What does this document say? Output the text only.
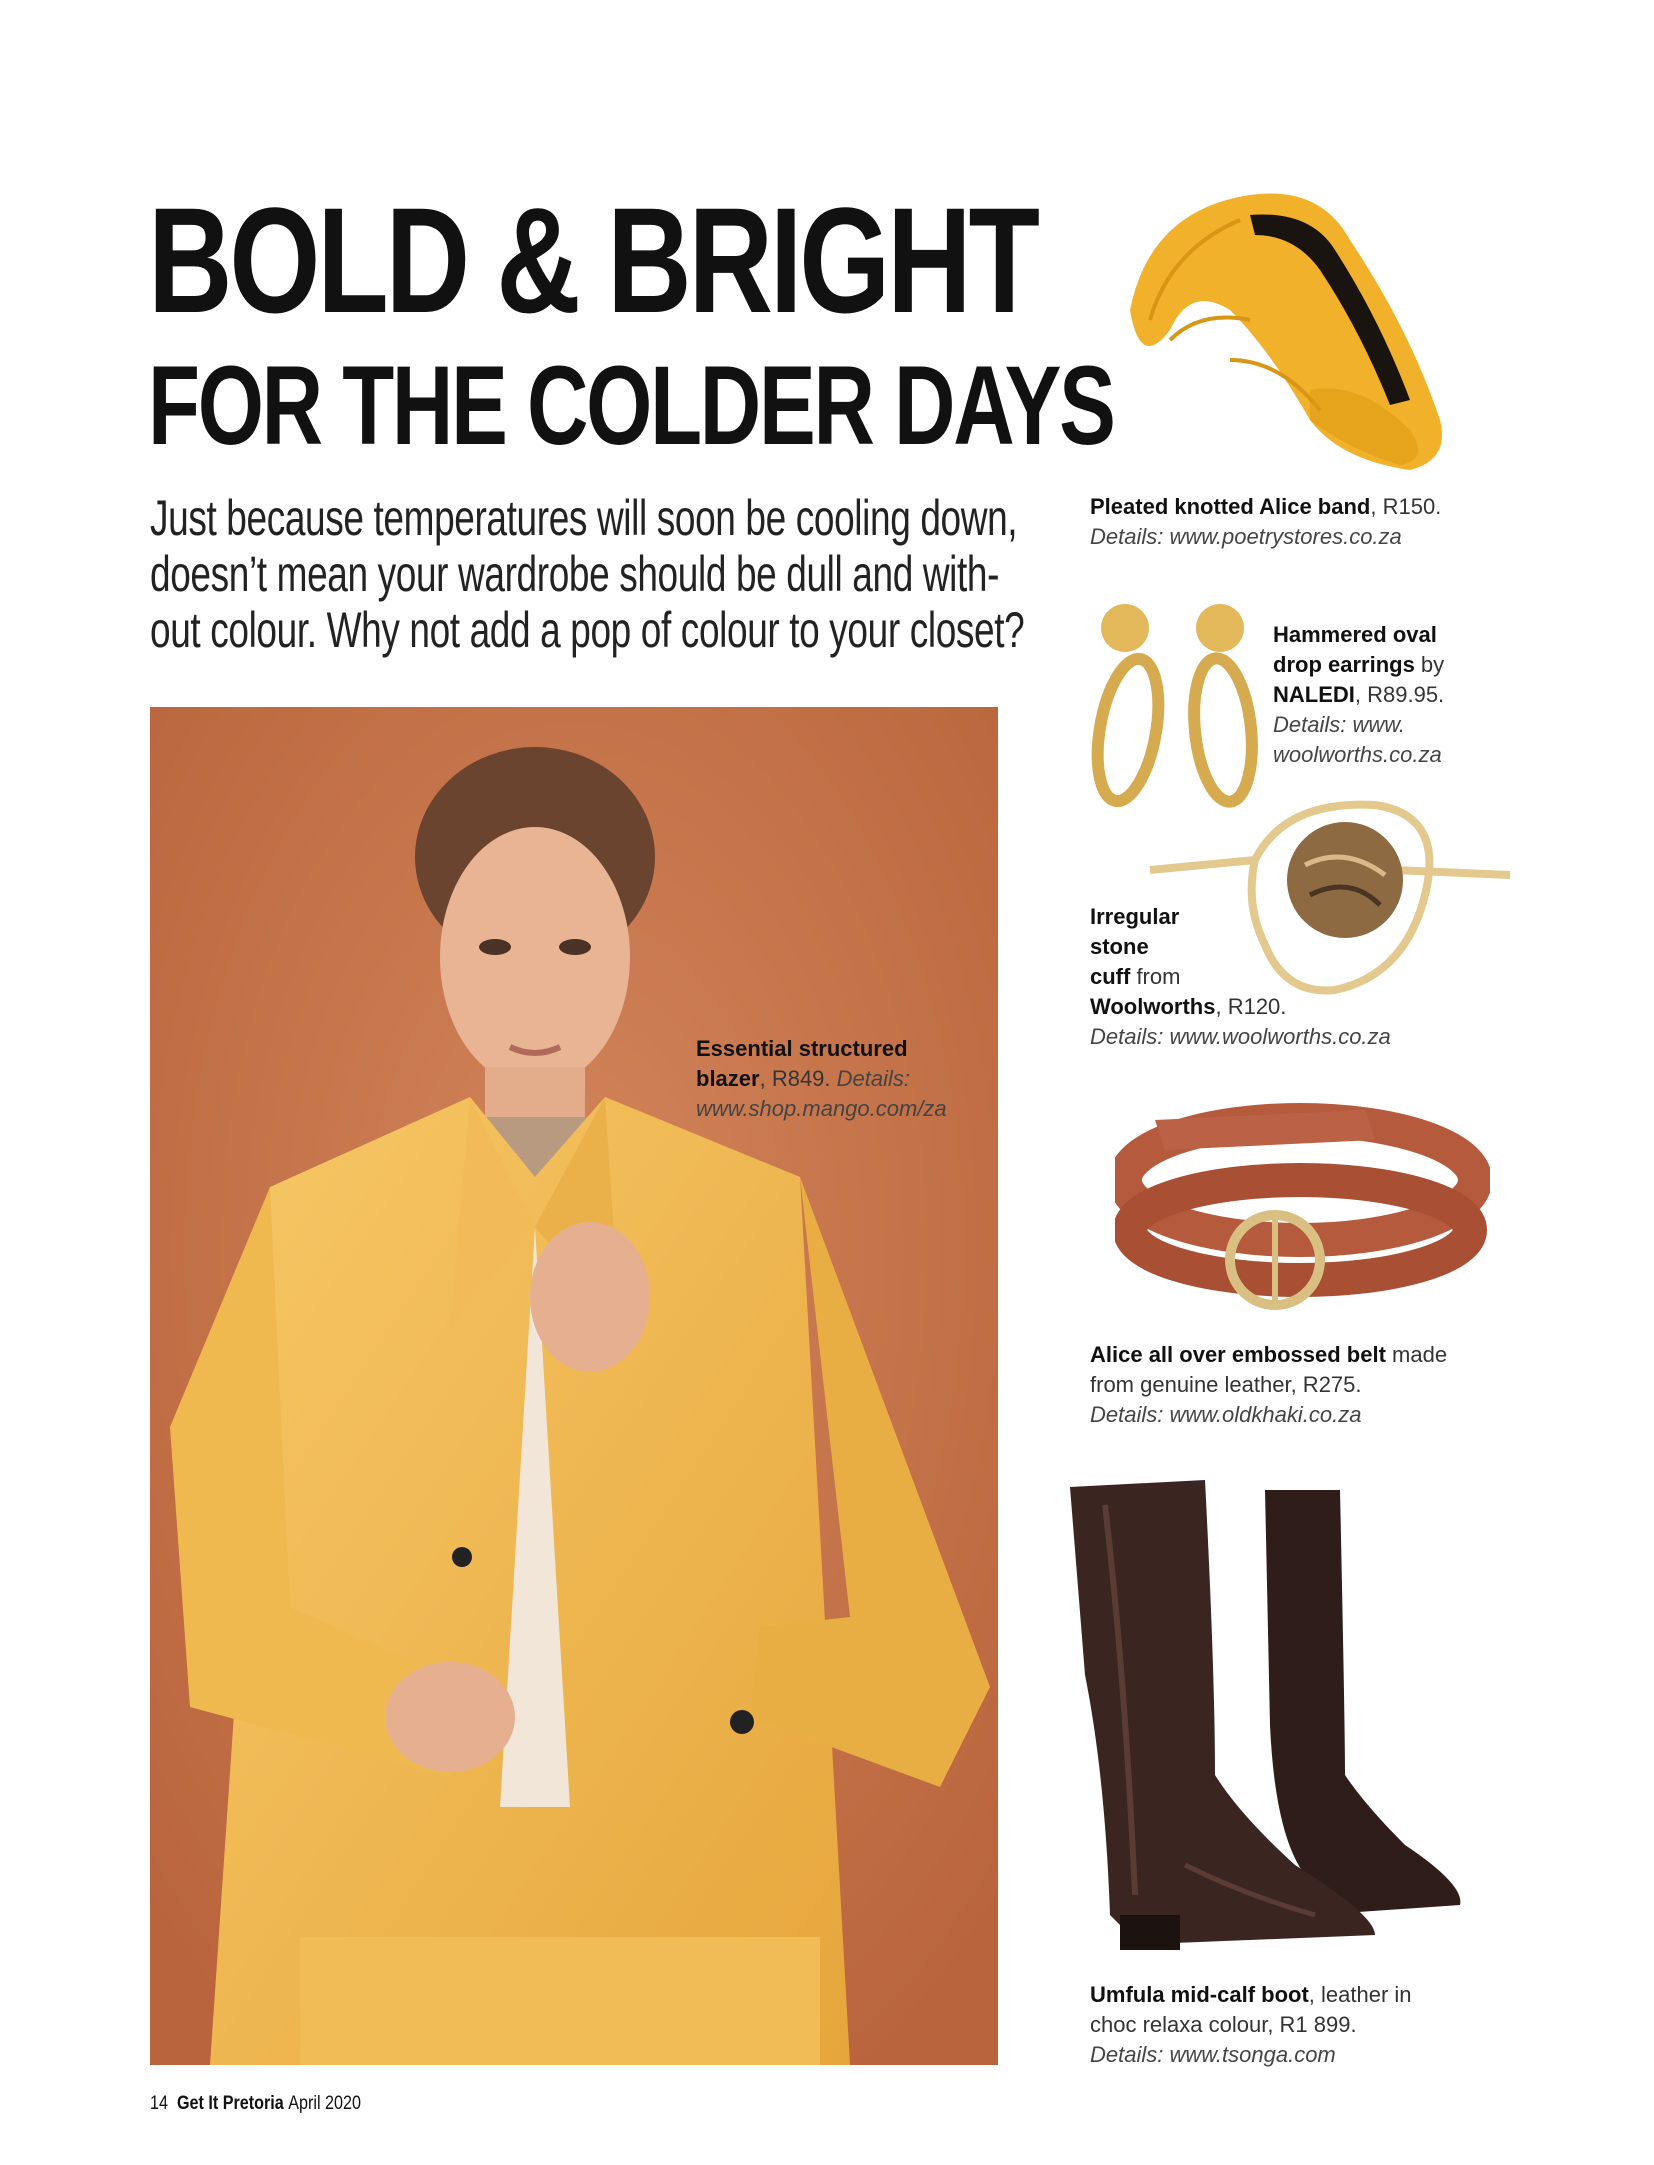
BOLD & BRIGHT
FOR THE COLDER DAYS
Just because temperatures will soon be cooling down,
doesn’t mean your wardrobe should be dull and with-
out colour. Why not add a pop of colour to your closet?
Essential structured
blazer, R849. Details:
www.shop.mango.com/za
Pleated knotted Alice band, R150.
Details: www.poetrystores.co.za
Hammered oval
drop earrings by
NALEDI, R89.95.
Details: www.
woolworths.co.za
Irregular
stone
cuff from
Woolworths, R120.
Details: www.woolworths.co.za
Alice all over embossed belt made
from genuine leather, R275.
Details: www.oldkhaki.co.za
Umfula mid-calf boot, leather in
choc relaxa colour, R1 899.
Details: www.tsonga.com
14 Get It Pretoria April 2020
